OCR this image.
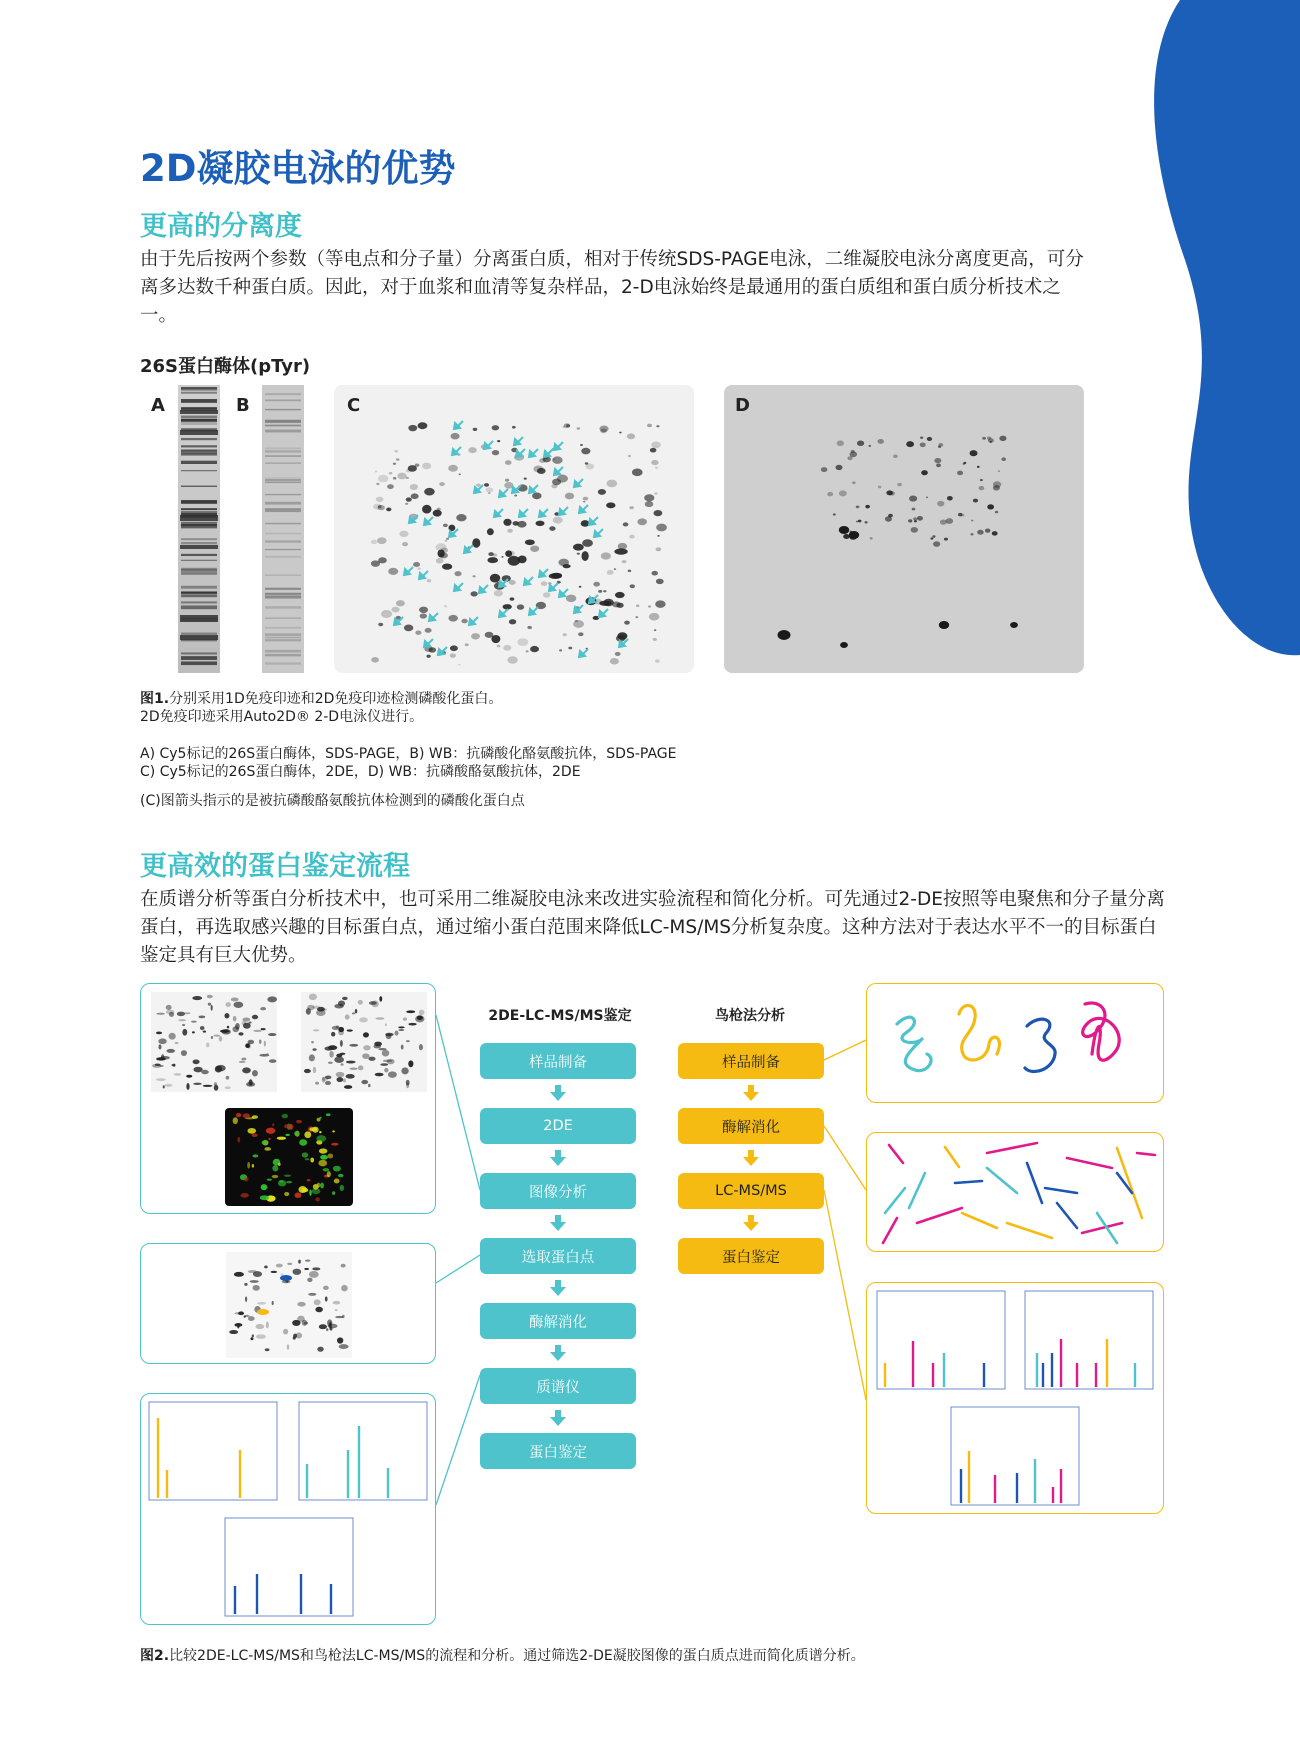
2D凝胶电泳的优势
更高的分离度

由于先后按两个参数（等电点和分子量）分离蛋白质，相对于传统SDS-PAGE电泳，二维凝胶电泳分离度更高，可分离多达数千种蛋白质。因此，对于血浆和血清等复杂样品，2-D电泳始终是最通用的蛋白质组和蛋白质分析技术之一。

26S蛋白酶体(pTyr)

A	B	C	D

图1.分别采用1D免疫印迹和2D免疫印迹检测磷酸化蛋白。
2D免疫印迹采用Auto2D® 2-D电泳仪进行。

A) Cy5标记的26S蛋白酶体，SDS-PAGE，B) WB：抗磷酸化酪氨酸抗体，SDS-PAGE
C) Cy5标记的26S蛋白酶体，2DE，D) WB：抗磷酸酪氨酸抗体，2DE

(C)图箭头指示的是被抗磷酸酪氨酸抗体检测到的磷酸化蛋白点

更高效的蛋白鉴定流程

在质谱分析等蛋白分析技术中，也可采用二维凝胶电泳来改进实验流程和简化分析。可先通过2-DE按照等电聚焦和分子量分离蛋白，再选取感兴趣的目标蛋白点，通过缩小蛋白范围来降低LC-MS/MS分析复杂度。这种方法对于表达水平不一的目标蛋白鉴定具有巨大优势。

2DE-LC-MS/MS鉴定	鸟枪法分析
样品制备
2DE
图像分析
选取蛋白点
酶解消化
质谱仪
蛋白鉴定
样品制备
酶解消化
LC-MS/MS
蛋白鉴定

图2.比较2DE-LC-MS/MS和鸟枪法LC-MS/MS的流程和分析。通过筛选2-DE凝胶图像的蛋白质点进而简化质谱分析。
